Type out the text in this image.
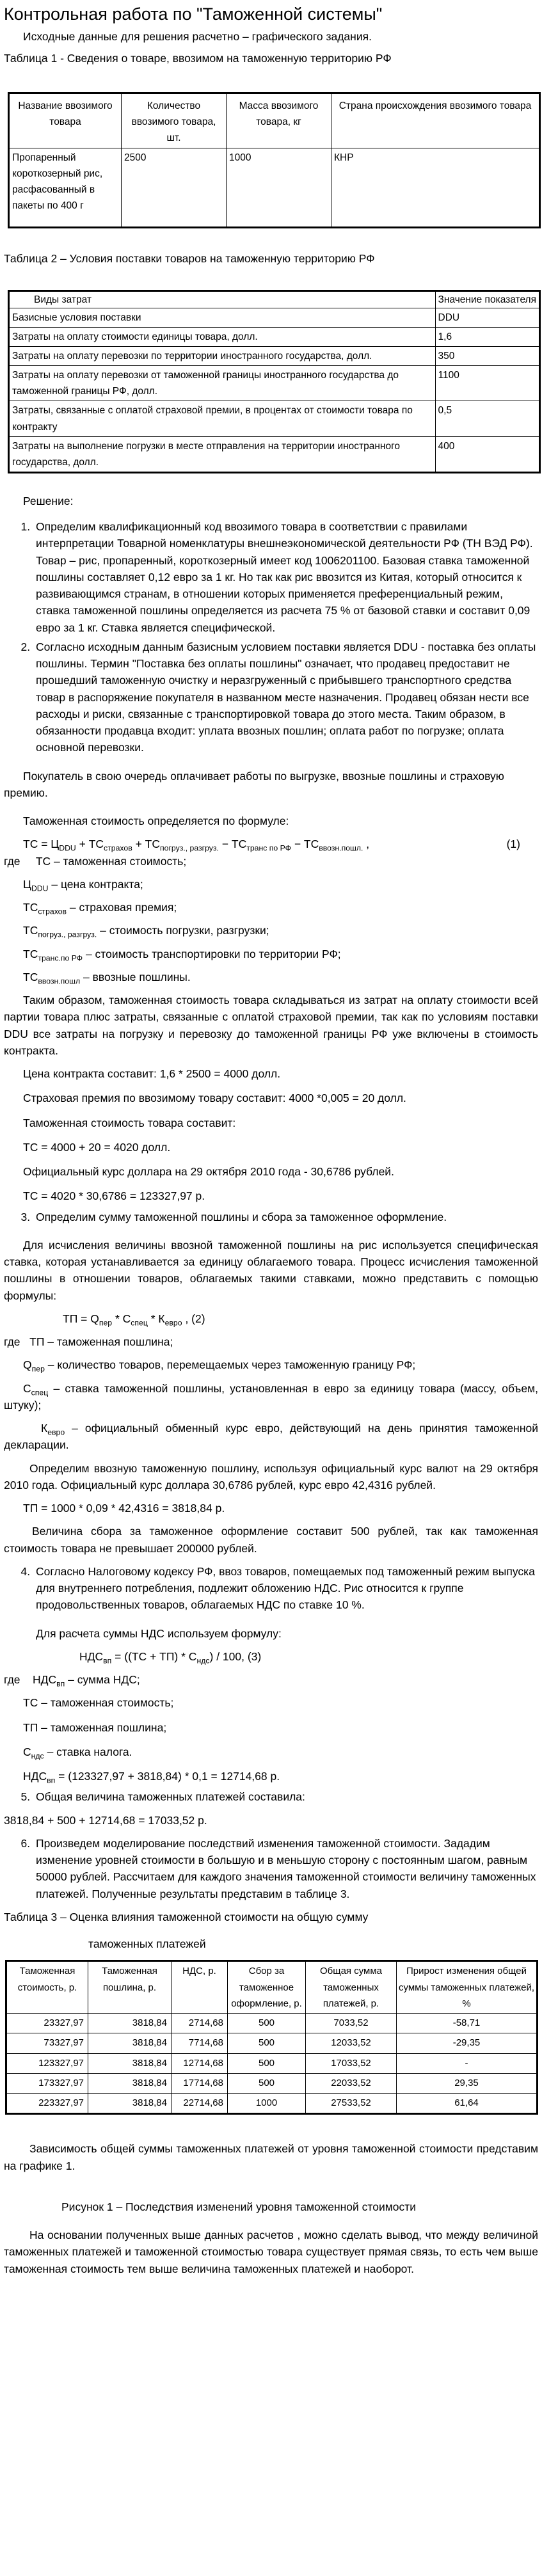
Контрольная работа по "Таможенной системы"

Исходные данные для решения расчетно – графического задания.

Таблица 1 - Сведения о товаре, ввозимом на таможенную территорию РФ

Название ввозимого товара	Количество ввозимого товара, шт.	Масса ввозимого товара, кг	Страна происхождения ввозимого товара
Пропаренный короткозерный рис, расфасованный в пакеты по 400 г	2500	1000	КНР

Таблица 2 – Условия поставки товаров на таможенную территорию РФ

Виды затрат	Значение показателя
Базисные условия поставки	DDU
Затраты на оплату стоимости единицы товара, долл.	1,6
Затраты на оплату перевозки по территории иностранного государства, долл.	350
Затраты на оплату перевозки от таможенной границы иностранного государства до таможенной границы РФ, долл.	1100
Затраты, связанные с оплатой страховой премии, в процентах от стоимости товара по контракту	0,5
Затраты на выполнение погрузки в месте отправления на территории иностранного государства, долл.	400

Решение:

1. Определим квалификационный код ввозимого товара в соответствии с правилами интерпретации Товарной номенклатуры внешнеэкономической деятельности РФ (ТН ВЭД РФ). Товар – рис, пропаренный, короткозерный имеет код 1006201100. Базовая ставка таможенной пошлины составляет 0,12 евро за 1 кг. Но так как рис ввозится из Китая, который относится к развивающимся странам, в отношении которых применяется преференциальный режим, ставка таможенной пошлины определяется из расчета 75 % от базовой ставки и составит 0,09 евро за 1 кг. Ставка является специфической.
2. Согласно исходным данным базисным условием поставки является DDU - поставка без оплаты пошлины. Термин "Поставка без оплаты пошлины" означает, что продавец предоставит не прошедший таможенную очистку и неразгруженный с прибывшего транспортного средства товар в распоряжение покупателя в названном месте назначения. Продавец обязан нести все расходы и риски, связанные с транспортировкой товара до этого места. Таким образом, в обязанности продавца входит: уплата ввозных пошлин; оплата работ по погрузке; оплата основной перевозки.

Покупатель в свою очередь оплачивает работы по выгрузке, ввозные пошлины и страховую премию.

Таможенная стоимость определяется по формуле:

ТС = $Ц_{DDU} + ТС_{страхов} + ТС_{погруз., разгруз.} - ТС_{транс по РФ} - ТС_{ввозн.пошл.}$ ,	(1)

где ТС – таможенная стоимость;

$Ц_{DDU}$ – цена контракта;

$ТС_{страхов}$ – страховая премия;

$ТС_{погруз., разгруз.}$ – стоимость погрузки, разгрузки;

$ТС_{транс.по РФ}$ – стоимость транспортировки по территории РФ;

$ТС_{ввозн.пошл}$ – ввозные пошлины.

Таким образом, таможенная стоимость товара складываться из затрат на оплату стоимости всей партии товара плюс затраты, связанные с оплатой страховой премии, так как по условиям поставки DDU все затраты на погрузку и перевозку до таможенной границы РФ уже включены в стоимость контракта.

Цена контракта составит: 1,6 * 2500 = 4000 долл.

Страховая премия по ввозимому товару составит: 4000 *0,005 = 20 долл.

Таможенная стоимость товара составит:

ТС = 4000 + 20 = 4020 долл.

Официальный курс доллара на 29 октября 2010 года - 30,6786 рублей.

ТС = 4020 * 30,6786 = 123327,97 р.

3. Определим сумму таможенной пошлины и сбора за таможенное оформление.

Для исчисления величины ввозной таможенной пошлины на рис используется специфическая ставка, которая устанавливается за единицу облагаемого товара. Процесс исчисления таможенной пошлины в отношении товаров, облагаемых такими ставками, можно представить с помощью формулы:

ТП = $Q_{пер} * С_{спец} * К_{евро}$ , (2)

где   ТП – таможенная пошлина;

$Q_{пер}$ – количество товаров, перемещаемых через таможенную границу РФ;

$С_{спец}$ – ставка таможенной пошлины, установленная в евро за единицу товара (массу, объем, штуку);

$К_{евро}$ – официальный обменный курс евро, действующий на день принятия таможенной декларации.

Определим ввозную таможенную пошлину, используя официальный курс валют на 29 октября 2010 года. Официальный курс доллара 30,6786 рублей, курс евро 42,4316 рублей.

ТП = 1000 * 0,09 * 42,4316 = 3818,84 р.

Величина сбора за таможенное оформление составит 500 рублей, так как таможенная стоимость товара не превышает 200000 рублей.

4. Согласно Налоговому кодексу РФ, ввоз товаров, помещаемых под таможенный режим выпуска для внутреннего потребления, подлежит обложению НДС. Рис относится к группе продовольственных товаров, облагаемых НДС по ставке 10 %.

Для расчета суммы НДС используем формулу:

$НДС_{вп} = ((ТС + ТП) * С_{ндс}) / 100$, (3)

где    $НДС_{вп}$ – сумма НДС;

ТС – таможенная стоимость;

ТП – таможенная пошлина;

$С_{ндс}$ – ставка налога.

$НДС_{вп} = (123327,97 + 3818,84) * 0,1 = 12714,68$ р.

5. Общая величина таможенных платежей составила:

3818,84 + 500 + 12714,68 = 17033,52 р.

6. Произведем моделирование последствий изменения таможенной стоимости. Зададим изменение уровней стоимости в большую и в меньшую сторону с постоянным шагом, равным 50000 рублей. Рассчитаем для каждого значения таможенной стоимости величину таможенных платежей. Полученные результаты представим в таблице 3.

Таблица 3 – Оценка влияния таможенной стоимости на общую сумму

таможенных платежей

Таможенная стоимость, р.	Таможенная пошлина, р.	НДС, р.	Сбор за таможенное оформление, р.	Общая сумма таможенных платежей, р.	Прирост изменения общей суммы таможенных платежей, %
23327,97	3818,84	2714,68	500	7033,52	-58,71
73327,97	3818,84	7714,68	500	12033,52	-29,35
123327,97	3818,84	12714,68	500	17033,52	-
173327,97	3818,84	17714,68	500	22033,52	29,35
223327,97	3818,84	22714,68	1000	27533,52	61,64

Зависимость общей суммы таможенных платежей от уровня таможенной стоимости представим на графике 1.

Рисунок 1 – Последствия изменений уровня таможенной стоимости

На основании полученных выше данных расчетов , можно сделать вывод, что между величиной таможенных платежей и таможенной стоимостью товара существует прямая связь, то есть чем выше таможенная стоимость тем выше величина таможенных платежей и наоборот.
